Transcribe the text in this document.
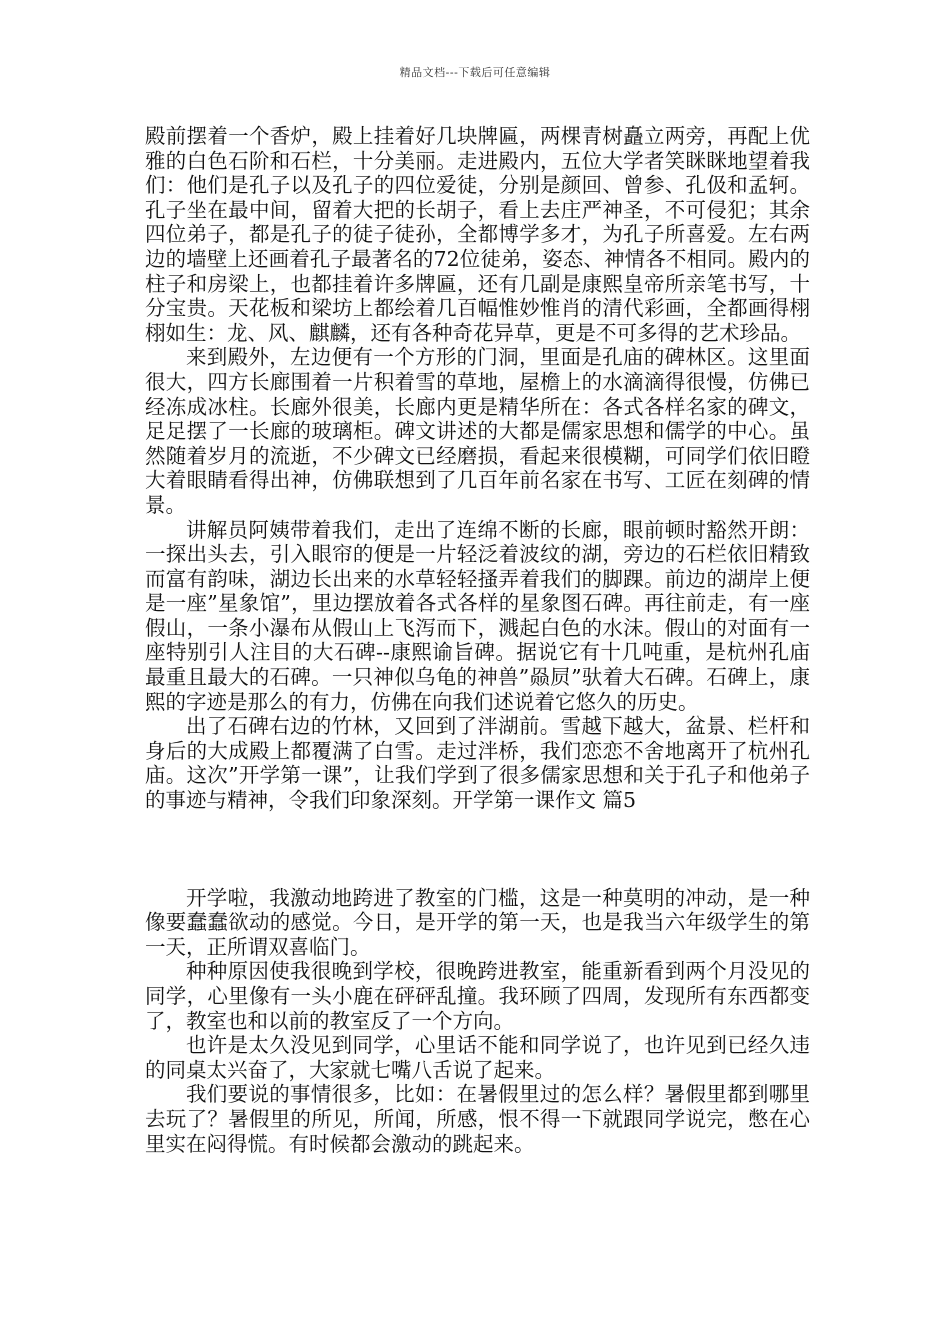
精品文档---下载后可任意编辑

殿前摆着一个香炉，殿上挂着好几块牌匾，两棵青树矗立两旁，再配上优雅的白色石阶和石栏，十分美丽。走进殿内，五位大学者笑眯眯地望着我们：他们是孔子以及孔子的四位爱徒，分别是颜回、曾参、孔伋和孟轲。孔子坐在最中间，留着大把的长胡子，看上去庄严神圣，不可侵犯；其余四位弟子，都是孔子的徒子徒孙，全都博学多才，为孔子所喜爱。左右两边的墙壁上还画着孔子最著名的72位徒弟，姿态、神情各不相同。殿内的柱子和房梁上，也都挂着许多牌匾，还有几副是康熙皇帝所亲笔书写，十分宝贵。天花板和梁坊上都绘着几百幅惟妙惟肖的清代彩画，全都画得栩栩如生：龙、风、麒麟，还有各种奇花异草，更是不可多得的艺术珍品。

来到殿外，左边便有一个方形的门洞，里面是孔庙的碑林区。这里面很大，四方长廊围着一片积着雪的草地，屋檐上的水滴滴得很慢，仿佛已经冻成冰柱。长廊外很美，长廊内更是精华所在：各式各样名家的碑文，足足摆了一长廊的玻璃柜。碑文讲述的大都是儒家思想和儒学的中心。虽然随着岁月的流逝，不少碑文已经磨损，看起来很模糊，可同学们依旧瞪大着眼睛看得出神，仿佛联想到了几百年前名家在书写、工匠在刻碑的情景。

讲解员阿姨带着我们，走出了连绵不断的长廊，眼前顿时豁然开朗：一探出头去，引入眼帘的便是一片轻泛着波纹的湖，旁边的石栏依旧精致而富有韵味，湖边长出来的水草轻轻搔弄着我们的脚踝。前边的湖岸上便是一座”星象馆”，里边摆放着各式各样的星象图石碑。再往前走，有一座假山，一条小瀑布从假山上飞泻而下，溅起白色的水沫。假山的对面有一座特别引人注目的大石碑--康熙谕旨碑。据说它有十几吨重，是杭州孔庙最重且最大的石碑。一只神似乌龟的神兽”赑屃”驮着大石碑。石碑上，康熙的字迹是那么的有力，仿佛在向我们述说着它悠久的历史。

出了石碑右边的竹林，又回到了泮湖前。雪越下越大，盆景、栏杆和身后的大成殿上都覆满了白雪。走过泮桥，我们恋恋不舍地离开了杭州孔庙。这次”开学第一课”，让我们学到了很多儒家思想和关于孔子和他弟子的事迹与精神，令我们印象深刻。开学第一课作文 篇5

开学啦，我激动地跨进了教室的门槛，这是一种莫明的冲动，是一种像要蠢蠢欲动的感觉。今日，是开学的第一天，也是我当六年级学生的第一天，正所谓双喜临门。

种种原因使我很晚到学校，很晚跨进教室，能重新看到两个月没见的同学，心里像有一头小鹿在砰砰乱撞。我环顾了四周，发现所有东西都变了，教室也和以前的教室反了一个方向。

也许是太久没见到同学，心里话不能和同学说了，也许见到已经久违的同桌太兴奋了，大家就七嘴八舌说了起来。

我们要说的事情很多，比如：在暑假里过的怎么样？暑假里都到哪里去玩了？暑假里的所见，所闻，所感，恨不得一下就跟同学说完，憋在心里实在闷得慌。有时候都会激动的跳起来。
